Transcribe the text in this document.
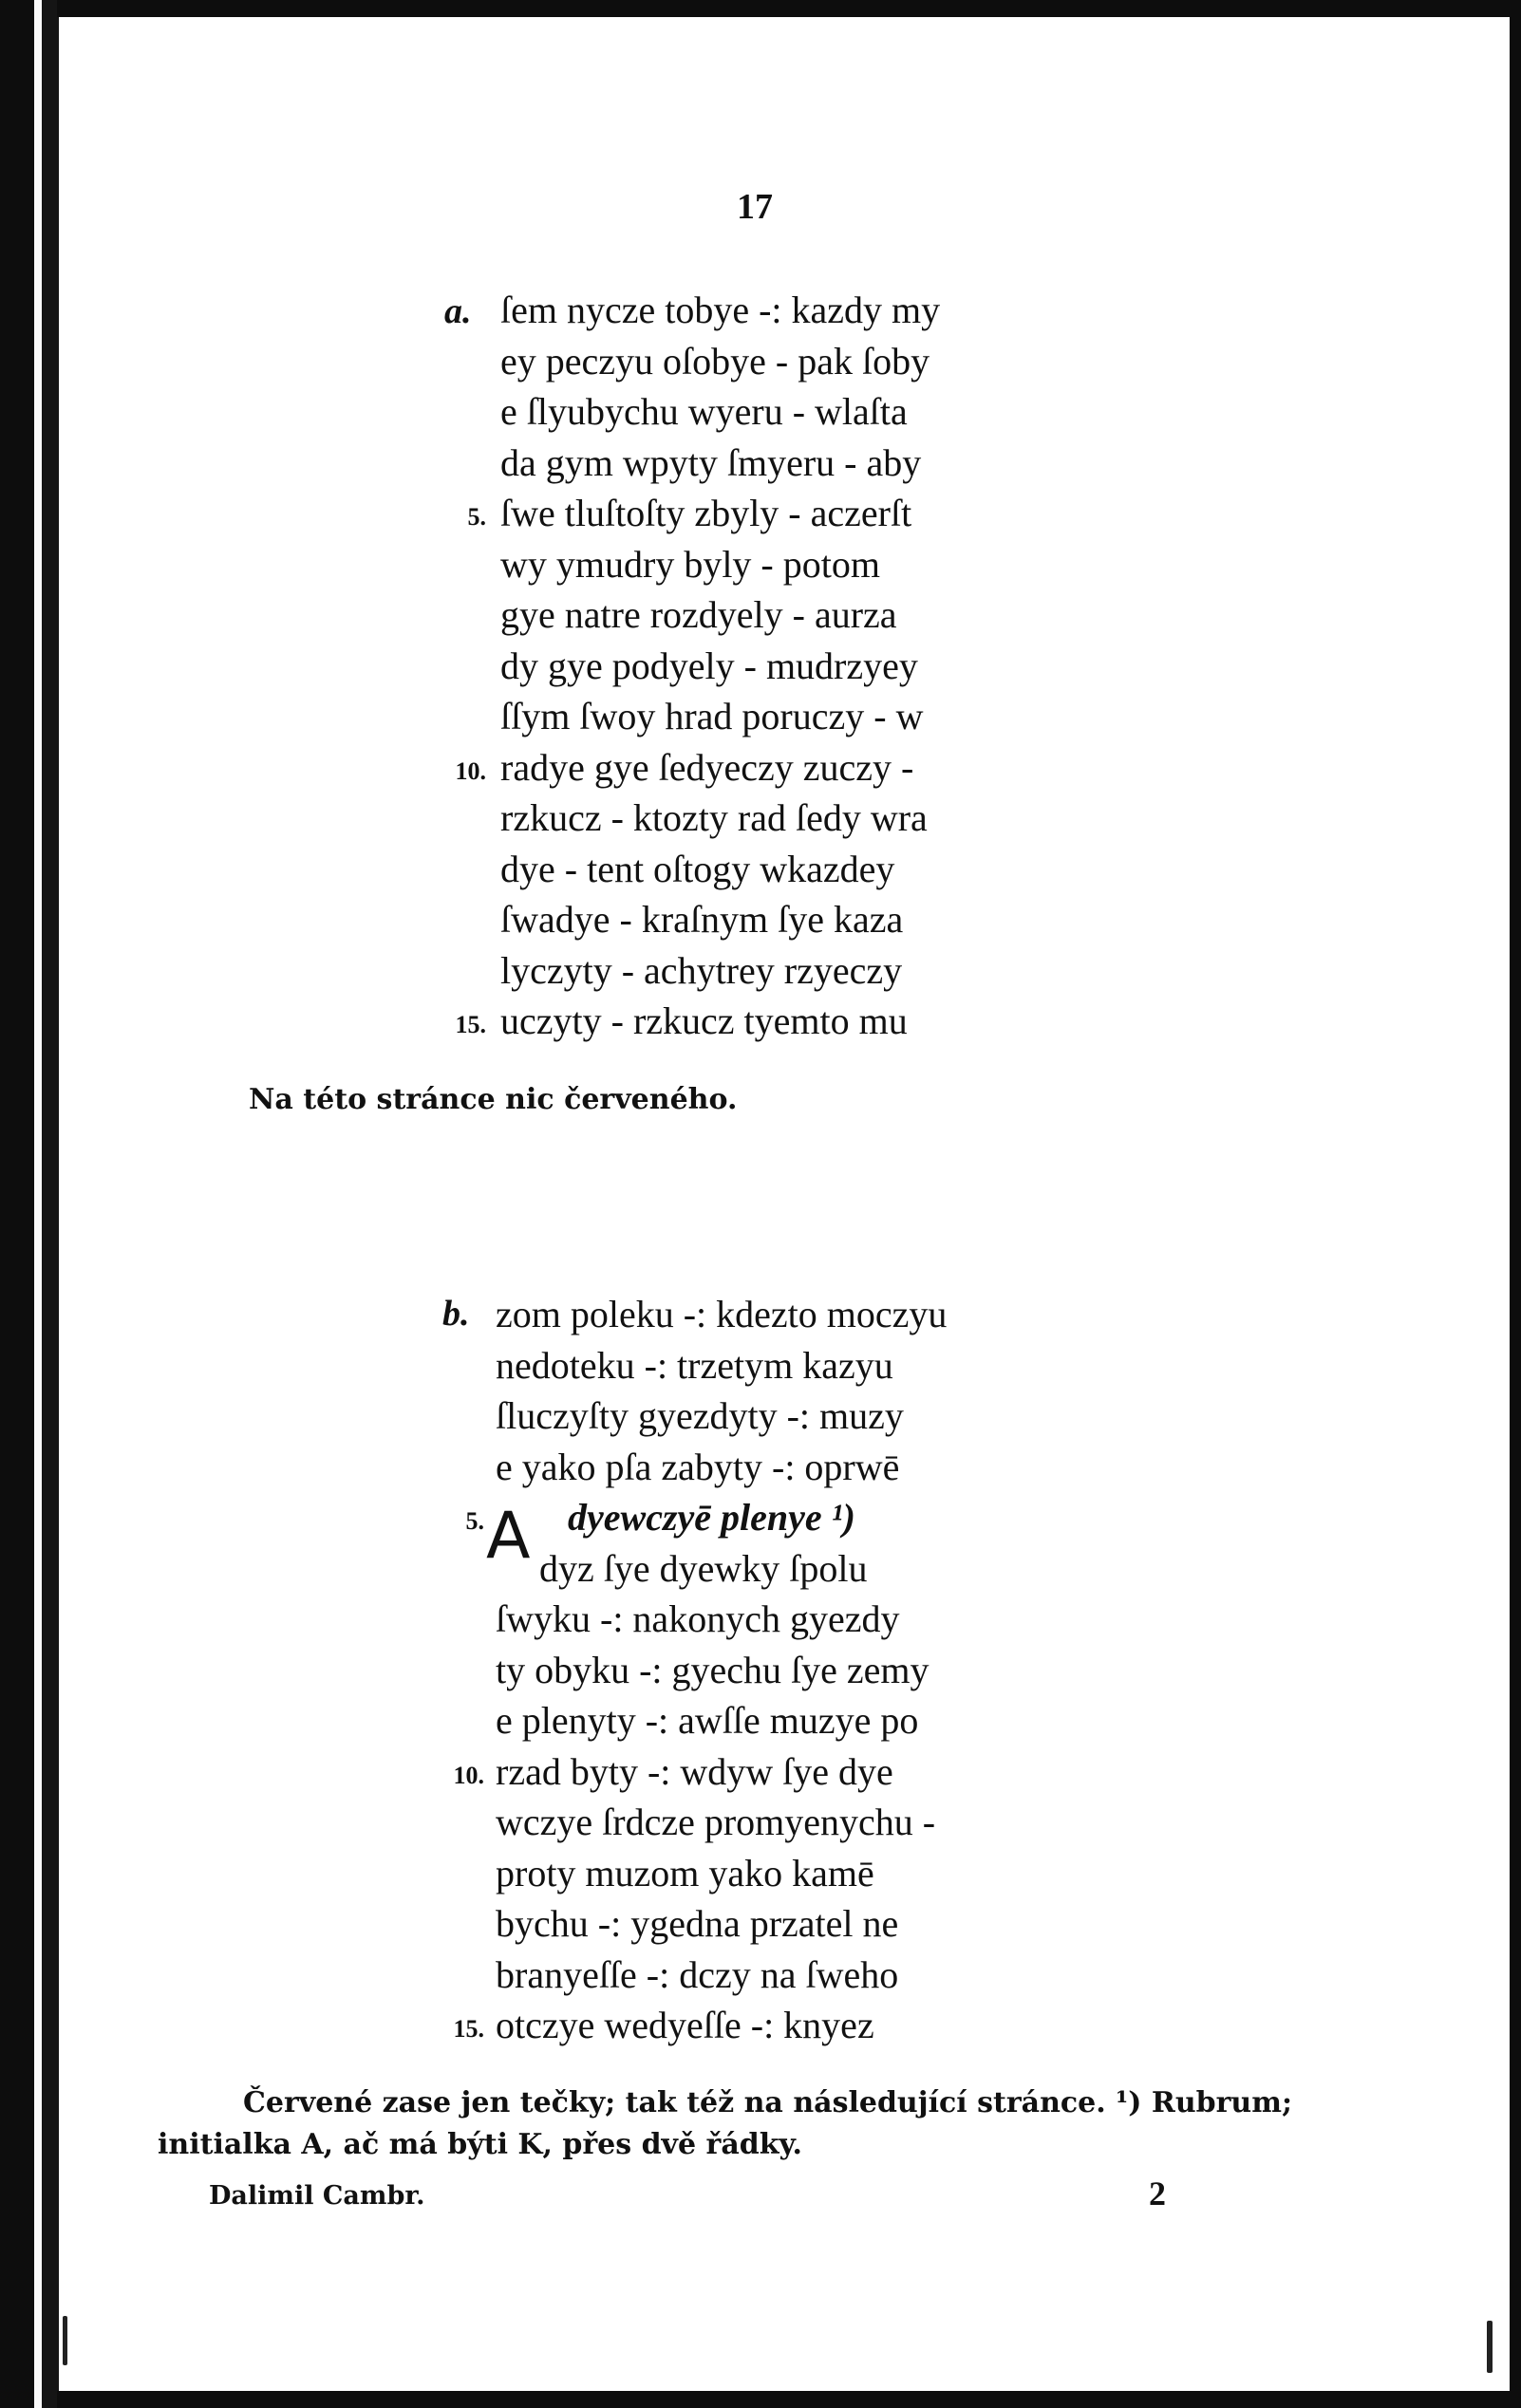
17
a. ſem nycze tobye -: kazdy my
ey peczyu oſobye - pak ſoby
e ſlyubychu wyeru - wlaſta
da gym wpyty ſmyeru - aby
5. ſwe tluſtoſty zbyly - aczerſt
wy ymudry byly - potom
gye natre rozdyely - aurza
dy gye podyely - mudrzyey
ſſym ſwoy hrad poruczy - w
10. radye gye ſedyeczy zuczy -
rzkucz - ktozty rad ſedy wra
dye - tent oſtogy wkazdey
ſwadye - kraſnym ſye kaza
lyczyty - achytrey rzyeczy
15. uczyty - rzkucz tyemto mu
Na této stránce nic červeného.
b.
A
zom poleku -: kdezto moczyu
nedoteku -: trzetym kazyu
ſluczyſty gyezdyty -: muzy
e yako pſa zabyty -: oprwē
5. dyewczyē plenye ¹)
dyz ſye dyewky ſpolu
ſwyku -: nakonych gyezdy
ty obyku -: gyechu ſye zemy
e plenyty -: awſſe muzye po
10. rzad byty -: wdyw ſye dye
wczye ſrdcze promyenychu -
proty muzom yako kamē
bychu -: ygedna przatel ne
branyeſſe -: dczy na ſweho
15. otczye wedyeſſe -: knyez
Červené zase jen tečky; tak též na následující stránce. ¹) Rubrum;
initialka A, ač má býti K, přes dvě řádky.
Dalimil Cambr.	2
